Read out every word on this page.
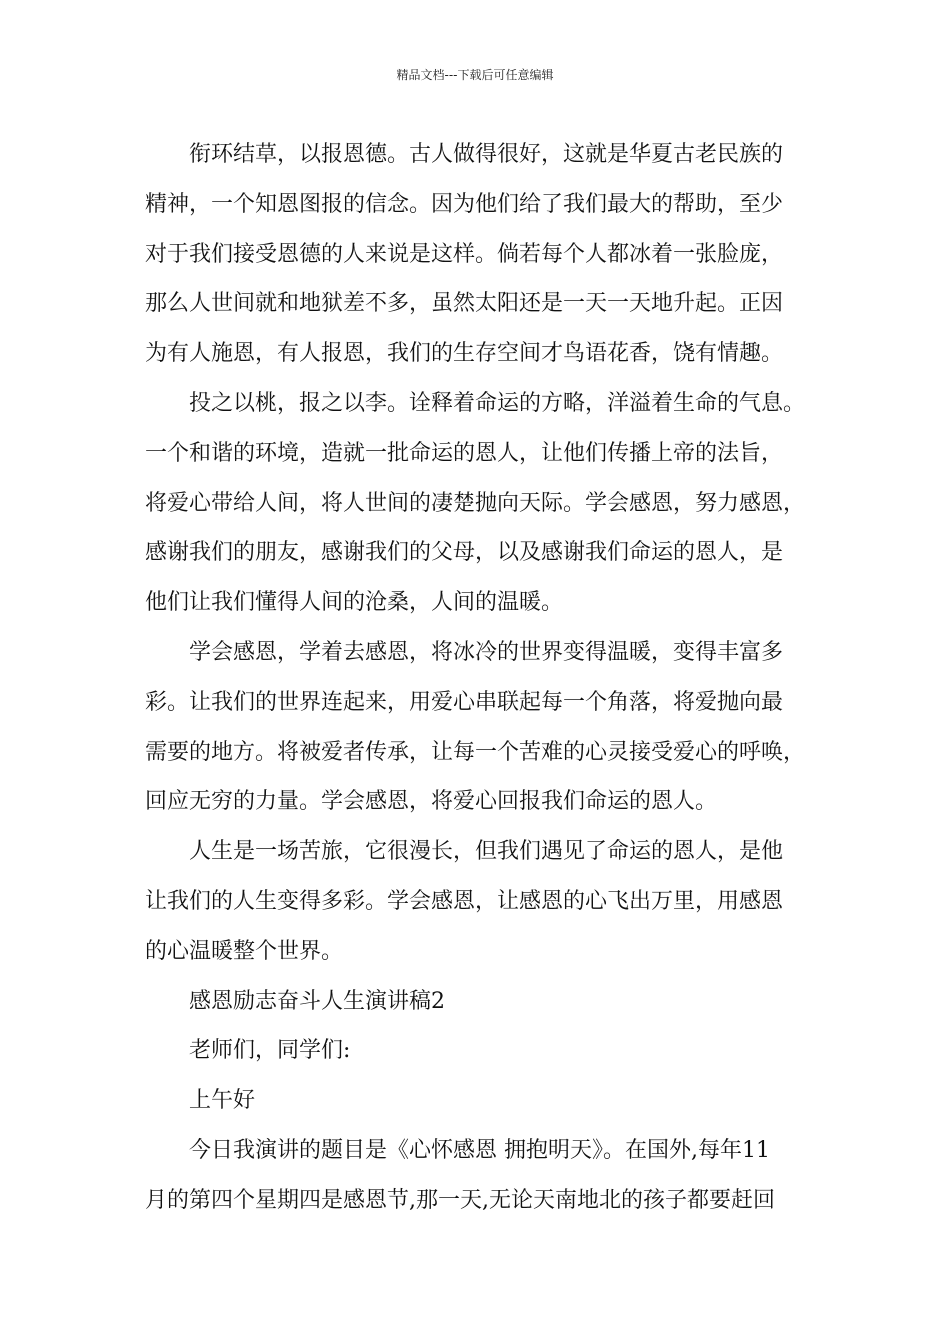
精品文档---下载后可任意编辑
衔环结草，以报恩德。古人做得很好，这就是华夏古老民族的
精神，一个知恩图报的信念。因为他们给了我们最大的帮助，至少
对于我们接受恩德的人来说是这样。倘若每个人都冰着一张脸庞，
那么人世间就和地狱差不多，虽然太阳还是一天一天地升起。正因
为有人施恩，有人报恩，我们的生存空间才鸟语花香，饶有情趣。
投之以桃，报之以李。诠释着命运的方略，洋溢着生命的气息。
一个和谐的环境，造就一批命运的恩人，让他们传播上帝的法旨，
将爱心带给人间，将人世间的凄楚抛向天际。学会感恩，努力感恩，
感谢我们的朋友，感谢我们的父母，以及感谢我们命运的恩人，是
他们让我们懂得人间的沧桑，人间的温暖。
学会感恩，学着去感恩，将冰冷的世界变得温暖，变得丰富多
彩。让我们的世界连起来，用爱心串联起每一个角落，将爱抛向最
需要的地方。将被爱者传承，让每一个苦难的心灵接受爱心的呼唤，
回应无穷的力量。学会感恩，将爱心回报我们命运的恩人。
人生是一场苦旅，它很漫长，但我们遇见了命运的恩人，是他
让我们的人生变得多彩。学会感恩，让感恩的心飞出万里，用感恩
的心温暖整个世界。
感恩励志奋斗人生演讲稿2
老师们，同学们:
上午好
今日我演讲的题目是《心怀感恩 拥抱明天》。在国外,每年11
月的第四个星期四是感恩节,那一天,无论天南地北的孩子都要赶回
